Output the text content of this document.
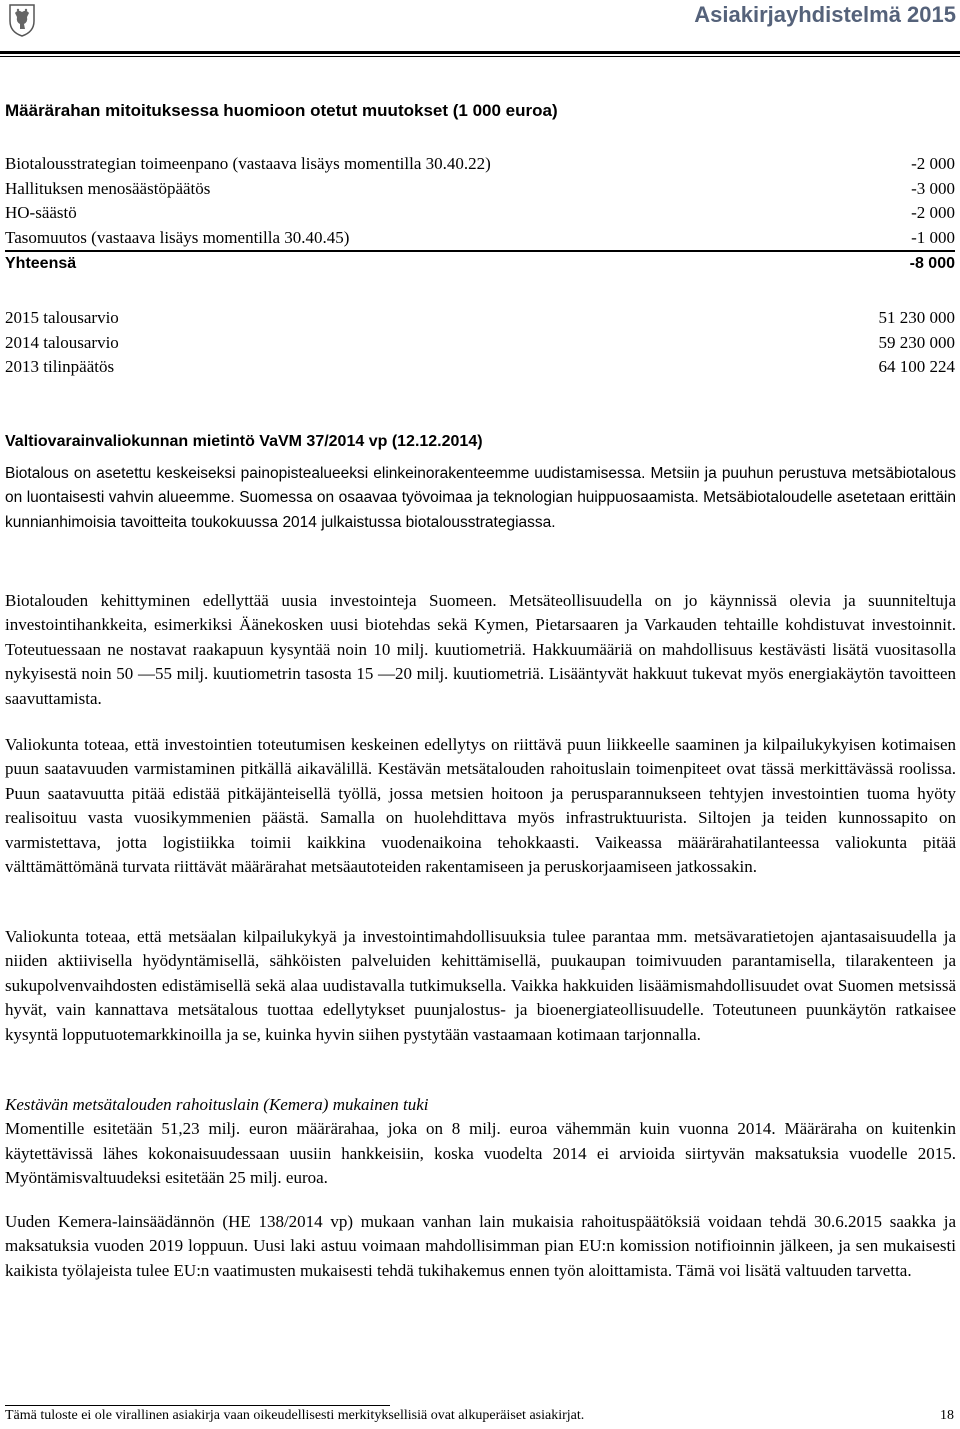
Asiakirjayhdistelmä 2015
Määrärahan mitoituksessa huomioon otetut muutokset (1 000 euroa)
Biotalousstrategian toimeenpano (vastaava lisäys momentilla 30.40.22)	-2 000
Hallituksen menosäästöpäätös	-3 000
HO-säästö	-2 000
Tasomuutos (vastaava lisäys momentilla 30.40.45)	-1 000
Yhteensä	-8 000
2015 talousarvio	51 230 000
2014 talousarvio	59 230 000
2013 tilinpäätös	64 100 224
Valtiovarainvaliokunnan mietintö VaVM 37/2014 vp (12.12.2014)
Biotalous on asetettu keskeiseksi painopistealueeksi elinkeinorakenteemme uudistamisessa. Metsiin ja puuhun perustuva metsäbiotalous on luontaisesti vahvin alueemme. Suomessa on osaavaa työvoimaa ja teknologian huippuosaamista. Metsäbiotaloudelle asetetaan erittäin kunnianhimoisia tavoitteita toukokuussa 2014 julkaistussa biotalousstrategiassa.
Biotalouden kehittyminen edellyttää uusia investointeja Suomeen. Metsäteollisuudella on jo käynnissä olevia ja suunniteltuja investointihankkeita, esimerkiksi Äänekosken uusi biotehdas sekä Kymen, Pietarsaaren ja Varkauden tehtaille kohdistuvat investoinnit. Toteutuessaan ne nostavat raakapuun kysyntää noin 10 milj. kuutiometriä. Hakkuumääriä on mahdollisuus kestävästi lisätä vuositasolla nykyisestä noin 50 —55 milj. kuutiometrin tasosta 15 —20 milj. kuutiometriä. Lisääntyvät hakkuut tukevat myös energiakäytön tavoitteen saavuttamista.
Valiokunta toteaa, että investointien toteutumisen keskeinen edellytys on riittävä puun liikkeelle saaminen ja kilpailukykyisen kotimaisen puun saatavuuden varmistaminen pitkällä aikavälillä. Kestävän metsätalouden rahoituslain toimenpiteet ovat tässä merkittävässä roolissa. Puun saatavuutta pitää edistää pitkäjänteisellä työllä, jossa metsien hoitoon ja perusparannukseen tehtyjen investointien tuoma hyöty realisoituu vasta vuosikymmenien päästä. Samalla on huolehdittava myös infrastruktuurista. Siltojen ja teiden kunnossapito on varmistettava, jotta logistiikka toimii kaikkina vuodenaikoina tehokkaasti. Vaikeassa määrärahatilanteessa valiokunta pitää välttämättömänä turvata riittävät määrärahat metsäautoteiden rakentamiseen ja peruskorjaamiseen jatkossakin.
Valiokunta toteaa, että metsäalan kilpailukykyä ja investointimahdollisuuksia tulee parantaa mm. metsävaratietojen ajantasaisuudella ja niiden aktiivisella hyödyntämisellä, sähköisten palveluiden kehittämisellä, puukaupan toimivuuden parantamisella, tilarakenteen ja sukupolvenvaihdosten edistämisellä sekä alaa uudistavalla tutkimuksella. Vaikka hakkuiden lisäämismahdollisuudet ovat Suomen metsissä hyvät, vain kannattava metsätalous tuottaa edellytykset puunjalostus- ja bioenergiateollisuudelle. Toteutuneen puunkäytön ratkaisee kysyntä lopputuotemarkkinoilla ja se, kuinka hyvin siihen pystytään vastaamaan kotimaan tarjonnalla.
Kestävän metsätalouden rahoituslain (Kemera) mukainen tuki
Momentille esitetään 51,23 milj. euron määrärahaa, joka on 8 milj. euroa vähemmän kuin vuonna 2014. Määräraha on kuitenkin käytettävissä lähes kokonaisuudessaan uusiin hankkeisiin, koska vuodelta 2014 ei arvioida siirtyvän maksatuksia vuodelle 2015. Myöntämisvaltuudeksi esitetään 25 milj. euroa.
Uuden Kemera-lainsäädännön (HE 138/2014 vp) mukaan vanhan lain mukaisia rahoituspäätöksiä voidaan tehdä 30.6.2015 saakka ja maksatuksia vuoden 2019 loppuun. Uusi laki astuu voimaan mahdollisimman pian EU:n komission notifioinnin jälkeen, ja sen mukaisesti kaikista työlajeista tulee EU:n vaatimusten mukaisesti tehdä tukihakemus ennen työn aloittamista. Tämä voi lisätä valtuuden tarvetta.
Tämä tuloste ei ole virallinen asiakirja vaan oikeudellisesti merkityksellisiä ovat alkuperäiset asiakirjat.	18
